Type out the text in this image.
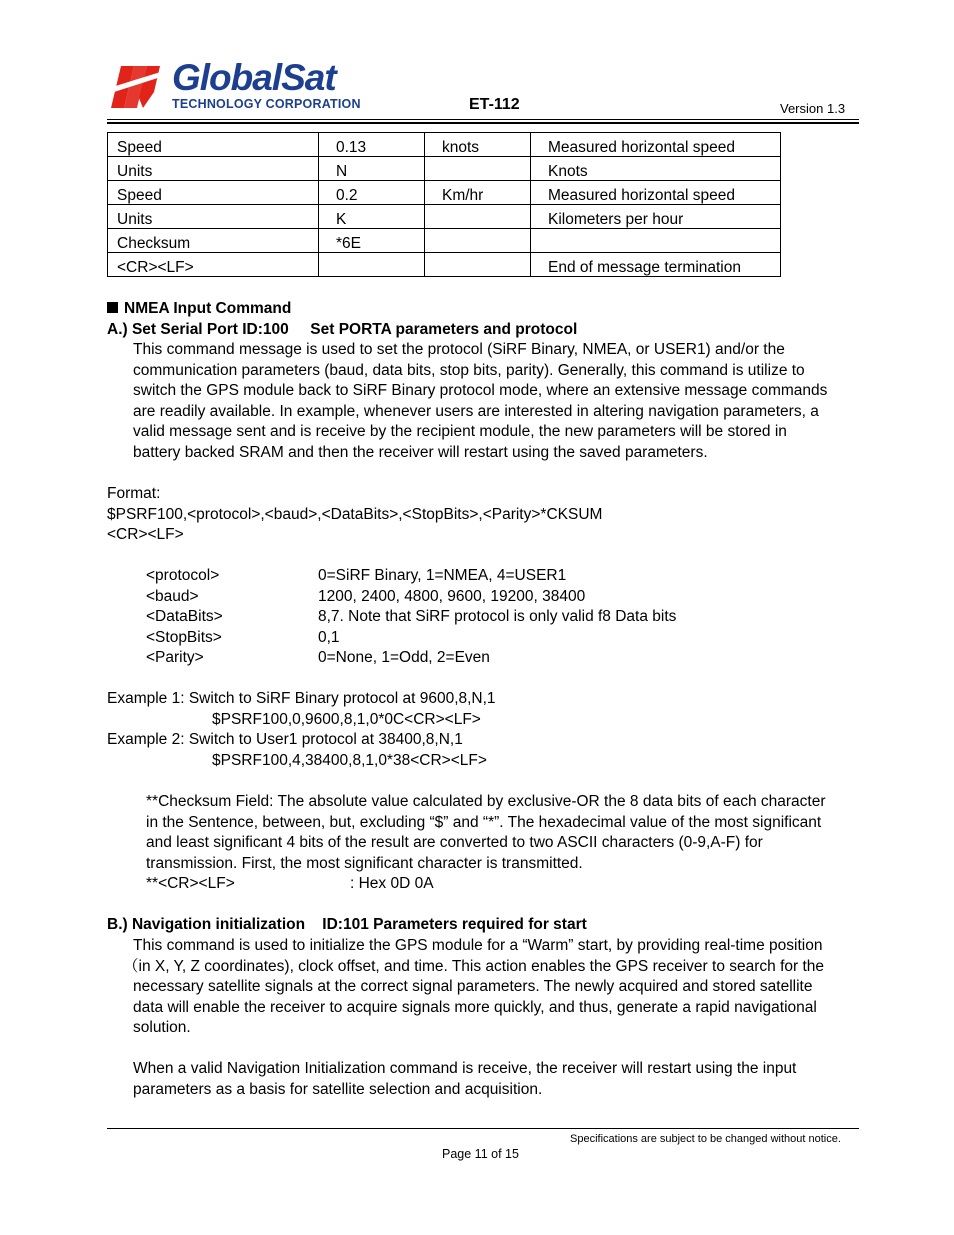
GlobalSat
TECHNOLOGY CORPORATION	ET-112	Version 1.3
Speed	0.13	knots	Measured horizontal speed
Units	N		Knots
Speed	0.2	Km/hr	Measured horizontal speed
Units	K		Kilometers per hour
Checksum	*6E		
<CR><LF>			End of message termination
NMEA Input Command
A.) Set Serial Port ID:100     Set PORTA parameters and protocol
This command message is used to set the protocol (SiRF Binary, NMEA, or USER1) and/or the
communication parameters (baud, data bits, stop bits, parity). Generally, this command is utilize to
switch the GPS module back to SiRF Binary protocol mode, where an extensive message commands
are readily available. In example, whenever users are interested in altering navigation parameters, a
valid message sent and is receive by the recipient module, the new parameters will be stored in
battery backed SRAM and then the receiver will restart using the saved parameters.
Format:
$PSRF100,<protocol>,<baud>,<DataBits>,<StopBits>,<Parity>*CKSUM
<CR><LF>
<protocol>	0=SiRF Binary, 1=NMEA, 4=USER1
<baud>	1200, 2400, 4800, 9600, 19200, 38400
<DataBits>	8,7. Note that SiRF protocol is only valid f8 Data bits
<StopBits>	0,1
<Parity>	0=None, 1=Odd, 2=Even
Example 1: Switch to SiRF Binary protocol at 9600,8,N,1
$PSRF100,0,9600,8,1,0*0C<CR><LF>
Example 2: Switch to User1 protocol at 38400,8,N,1
$PSRF100,4,38400,8,1,0*38<CR><LF>
**Checksum Field: The absolute value calculated by exclusive-OR the 8 data bits of each character
in the Sentence, between, but, excluding “$” and “*”. The hexadecimal value of the most significant
and least significant 4 bits of the result are converted to two ASCII characters (0-9,A-F) for
transmission. First, the most significant character is transmitted.
**<CR><LF>	: Hex 0D 0A
B.) Navigation initialization    ID:101 Parameters required for start
This command is used to initialize the GPS module for a “Warm” start, by providing real-time position
（in X, Y, Z coordinates), clock offset, and time. This action enables the GPS receiver to search for the
necessary satellite signals at the correct signal parameters. The newly acquired and stored satellite
data will enable the receiver to acquire signals more quickly, and thus, generate a rapid navigational
solution.
When a valid Navigation Initialization command is receive, the receiver will restart using the input
parameters as a basis for satellite selection and acquisition.
Specifications are subject to be changed without notice.
Page 11 of 15
